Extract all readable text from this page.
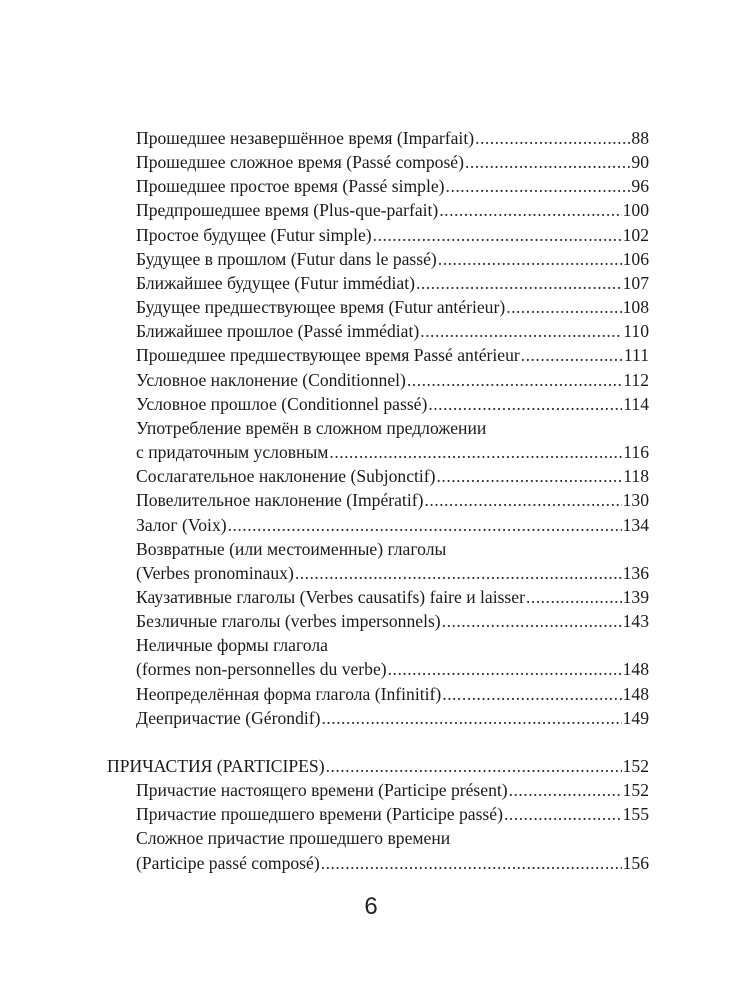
Прошедшее незавершённое время (Imparfait) .....	88
Прошедшее сложное время (Passé composé) .....	90
Прошедшее простое время (Passé simple) .....	96
Предпрошедшее время (Plus-que-parfait) .....	100
Простое будущее (Futur simple) .....	102
Будущее в прошлом (Futur dans le passé) .....	106
Ближайшее будущее (Futur immédiat) .....	107
Будущее предшествующее время (Futur antérieur) .....	108
Ближайшее прошлое (Passé immédiat) .....	110
Прошедшее предшествующее время Passé antérieur .....	111
Условное наклонение (Conditionnel) .....	112
Условное прошлое (Conditionnel passé) .....	114
Употребление времён в сложном предложении
с придаточным условным .....	116
Сослагательное наклонение (Subjonctif) .....	118
Повелительное наклонение (Impératif) .....	130
Залог (Voix) .....	134
Возвратные (или местоименные) глаголы
(Verbes pronominaux) .....	136
Каузативные глаголы (Verbes causatifs) faire и laisser .....	139
Безличные глаголы (verbes impersonnels) .....	143
Неличные формы глагола
(formes non-personnelles du verbe) .....	148
Неопределённая форма глагола (Infinitif) .....	148
Деепричастие (Gérondif) .....	149
ПРИЧАСТИЯ (PARTICIPES) .....	152
Причастие настоящего времени (Participe présent) .....	152
Причастие прошедшего времени (Participe passé) .....	155
Сложное причастие прошедшего времени
(Participe passé composé) .....	156
6
